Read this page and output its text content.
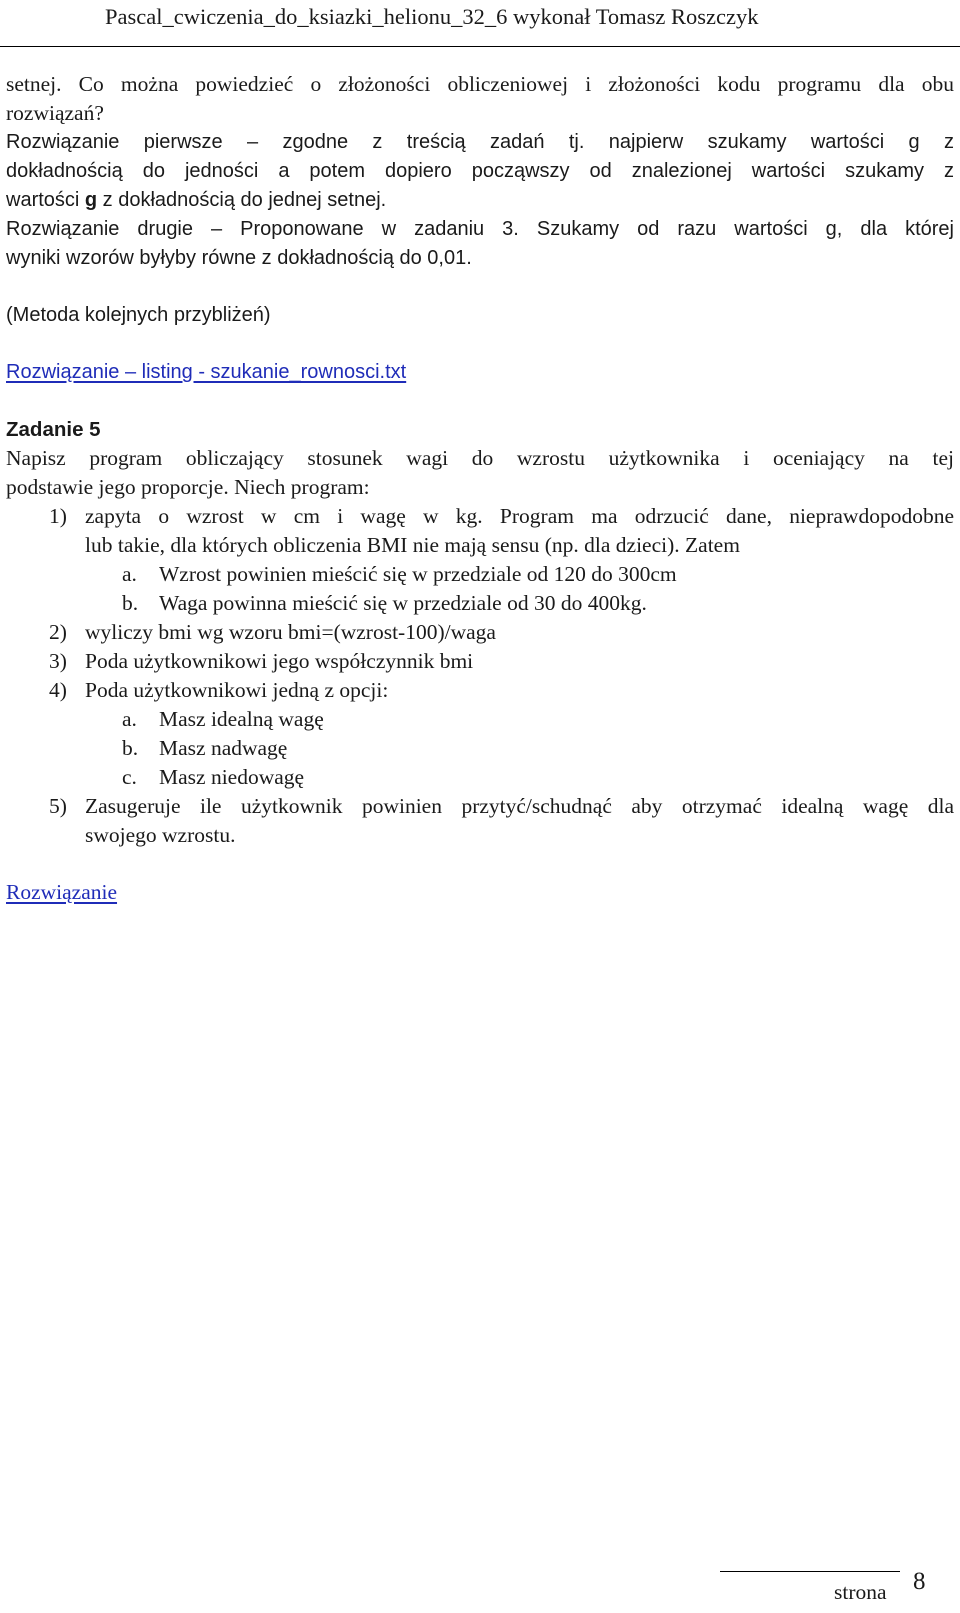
Pascal_cwiczenia_do_ksiazki_helionu_32_6 wykonał Tomasz Roszczyk
setnej. Co można powiedzieć o złożoności obliczeniowej i złożoności kodu programu dla obu
rozwiązań?
Rozwiązanie pierwsze – zgodne z treścią zadań tj. najpierw szukamy wartości g z
dokładnością do jedności a potem dopiero począwszy od znalezionej wartości szukamy z
wartości g z dokładnością do jednej setnej.
Rozwiązanie drugie – Proponowane w zadaniu 3. Szukamy od razu wartości g, dla której
wyniki wzorów byłyby równe z dokładnością do 0,01.
(Metoda kolejnych przybliżeń)
Rozwiązanie – listing - szukanie_rownosci.txt
Zadanie 5
Napisz program obliczający stosunek wagi do wzrostu użytkownika i oceniający na tej
podstawie jego proporcje. Niech program:
1) zapyta o wzrost w cm i wagę w kg. Program ma odrzucić dane, nieprawdopodobne
lub takie, dla których obliczenia BMI nie mają sensu (np. dla dzieci). Zatem
a. Wzrost powinien mieścić się w przedziale od 120 do 300cm
b. Waga powinna mieścić się w przedziale od 30 do 400kg.
2) wyliczy bmi wg wzoru bmi=(wzrost-100)/waga
3) Poda użytkownikowi jego współczynnik bmi
4) Poda użytkownikowi jedną z opcji:
a. Masz idealną wagę
b. Masz nadwagę
c. Masz niedowagę
5) Zasugeruje ile użytkownik powinien przytyć/schudnąć aby otrzymać idealną wagę dla
swojego wzrostu.
Rozwiązanie
strona 8
